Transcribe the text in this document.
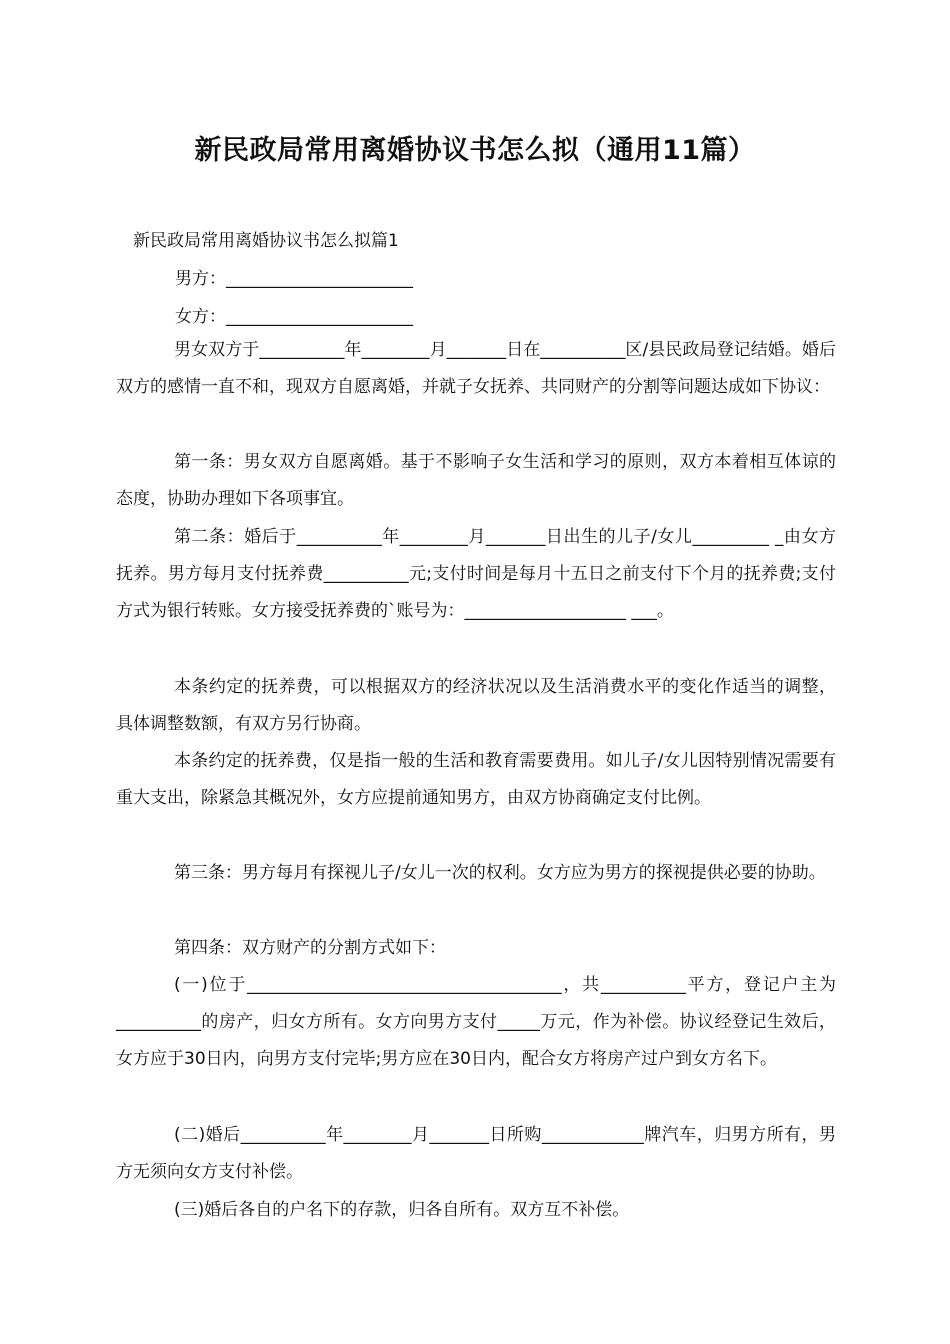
新民政局常用离婚协议书怎么拟（通用11篇）

新民政局常用离婚协议书怎么拟篇1

男方：______________________

女方：______________________

男女双方于__________年________月_______日在__________区/县民政局登记结婚。婚后双方的感情一直不和，现双方自愿离婚，并就子女抚养、共同财产的分割等问题达成如下协议：

第一条：男女双方自愿离婚。基于不影响子女生活和学习的原则，双方本着相互体谅的态度，协助办理如下各项事宜。

第二条：婚后于__________年________月_______日出生的儿子/女儿_________ _由女方抚养。男方每月支付抚养费__________元;支付时间是每月十五日之前支付下个月的抚养费;支付方式为银行转账。女方接受抚养费的`账号为：___________________ ___。

本条约定的抚养费，可以根据双方的经济状况以及生活消费水平的变化作适当的调整，具体调整数额，有双方另行协商。

本条约定的抚养费，仅是指一般的生活和教育需要费用。如儿子/女儿因特别情况需要有重大支出，除紧急其概况外，女方应提前通知男方，由双方协商确定支付比例。

第三条：男方每月有探视儿子/女儿一次的权利。女方应为男方的探视提供必要的协助。

第四条：双方财产的分割方式如下：

(一)位于_____________________________________，共__________平方，登记户主为__________的房产，归女方所有。女方向男方支付_____万元，作为补偿。协议经登记生效后，女方应于30日内，向男方支付完毕;男方应在30日内，配合女方将房产过户到女方名下。

(二)婚后__________年________月_______日所购____________牌汽车，归男方所有，男方无须向女方支付补偿。

(三)婚后各自的户名下的存款，归各自所有。双方互不补偿。
